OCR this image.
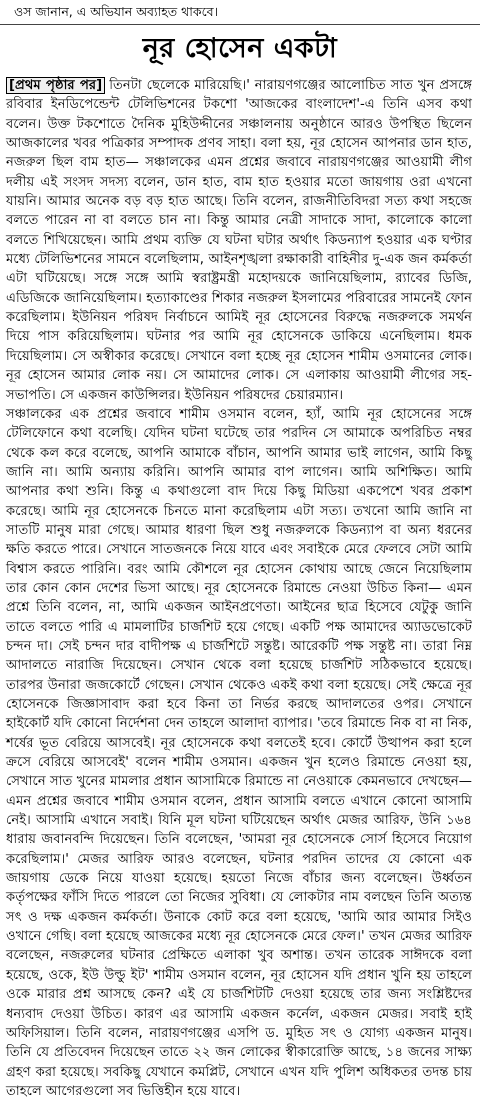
ওস জানান, এ অভিযান অব্যাহত থাকবে।
নূর হোসেন একটা
[প্রথম পৃষ্ঠার পর] তিনটা ছেলেকে মারিয়েছি।' নারায়ণগঞ্জের আলোচিত সাত খুন প্রসঙ্গে রবিবার ইনডিপেন্ডেন্ট টেলিভিশনের টকশো 'আজকের বাংলাদেশ'-এ তিনি এসব কথা বলেন। উক্ত টকশোতে দৈনিক মুহিউদ্দীনের সঞ্চালনায় অনুষ্ঠানে আরও উপস্থিত ছিলেন আজকালের খবর পত্রিকার সম্পাদক প্রণব সাহা। বলা হয়, নূর হোসেন আপনার ডান হাত, নজরুল ছিল বাম হাত— সঞ্চালকের এমন প্রশ্নের জবাবে নারায়ণগঞ্জের আওয়ামী লীগ দলীয় এই সংসদ সদস্য বলেন, ডান হাত, বাম হাত হওয়ার মতো জায়গায় ওরা এখনো যায়নি। আমার অনেক বড় বড় হাত আছে। তিনি বলেন, রাজনীতিবিদরা সত্য কথা সহজে বলতে পারেন না বা বলতে চান না। কিন্তু আমার নেত্রী সাদাকে সাদা, কালোকে কালো বলতে শিখিয়েছেন। আমি প্রথম ব্যক্তি যে ঘটনা ঘটার অর্থাৎ কিডন্যাপ হওয়ার এক ঘণ্টার মধ্যে টেলিভিশনের সামনে বলেছিলাম, আইনশৃঙ্খলা রক্ষাকারী বাহিনীর দু-এক জন কর্মকর্তা এটা ঘটিয়েছে। সঙ্গে সঙ্গে আমি স্বরাষ্ট্রমন্ত্রী মহোদয়কে জানিয়েছিলাম, র‌্যাবের ডিজি, এডিজিকে জানিয়েছিলাম। হত্যাকাণ্ডের শিকার নজরুল ইসলামের পরিবারের সামনেই ফোন করেছিলাম। ইউনিয়ন পরিষদ নির্বাচনে আমিই নূর হোসেনের বিরুদ্ধে নজরুলকে সমর্থন দিয়ে পাস করিয়েছিলাম। ঘটনার পর আমি নূর হোসেনকে ডাকিয়ে এনেছিলাম। ধমক দিয়েছিলাম। সে অস্বীকার করেছে। সেখানে বলা হচ্ছে নূর হোসেন শামীম ওসমানের লোক। নূর হোসেন আমার লোক নয়। সে আমাদের লোক। সে এলাকায় আওয়ামী লীগের সহ-সভাপতি। সে একজন কাউন্সিলর। ইউনিয়ন পরিষদের চেয়ারম্যান।
সঞ্চালকের এক প্রশ্নের জবাবে শামীম ওসমান বলেন, হ্যাঁ, আমি নূর হোসেনের সঙ্গে টেলিফোনে কথা বলেছি। যেদিন ঘটনা ঘটেছে তার পরদিন সে আমাকে অপরিচিত নম্বর থেকে কল করে বলেছে, আপনি আমাকে বাঁচান, আপনি আমার ভাই লাগেন, আমি কিছু জানি না। আমি অন্যায় করিনি। আপনি আমার বাপ লাগেন। আমি অশিক্ষিত। আমি আপনার কথা শুনি। কিন্তু এ কথাগুলো বাদ দিয়ে কিছু মিডিয়া একপেশে খবর প্রকাশ করেছে। আমি নূর হোসেনকে চিনতে মানা করেছিলাম এটা সত্য। তখনো আমি জানি না সাতটি মানুষ মারা গেছে। আমার ধারণা ছিল শুধু নজরুলকে কিডন্যাপ বা অন্য ধরনের ক্ষতি করতে পারে। সেখানে সাতজনকে নিয়ে যাবে এবং সবাইকে মেরে ফেলবে সেটা আমি বিশ্বাস করতে পারিনি। বরং আমি কৌশলে নূর হোসেন কোথায় আছে জেনে নিয়েছিলাম তার কোন কোন দেশের ভিসা আছে। নূর হোসেনকে রিমান্ডে নেওয়া উচিত কিনা— এমন প্রশ্নে তিনি বলেন, না, আমি একজন আইনপ্রণেতা। আইনের ছাত্র হিসেবে যেটুকু জানি তাতে বলতে পারি এ মামলাটির চার্জশিট হয়ে গেছে। একটি পক্ষ আমাদের অ্যাডভোকেট চন্দন দা। সেই চন্দন দার বাদীপক্ষ এ চার্জশিটে সন্তুষ্ট। আরেকটি পক্ষ সন্তুষ্ট না। তারা নিম্ন আদালতে নারাজি দিয়েছেন। সেখান থেকে বলা হয়েছে চার্জশিট সঠিকভাবে হয়েছে। তারপর উনারা জজকোর্টে গেছেন। সেখান থেকেও একই কথা বলা হয়েছে। সেই ক্ষেত্রে নূর হোসেনকে জিজ্ঞাসাবাদ করা হবে কিনা তা নির্ভর করছে আদালতের ওপর। সেখানে হাইকোর্ট যদি কোনো নির্দেশনা দেন তাহলে আলাদা ব্যাপার। 'তবে রিমান্ডে নিক বা না নিক, শর্ষের ভূত বেরিয়ে আসবেই। নূর হোসেনকে কথা বলতেই হবে। কোর্টে উত্থাপন করা হলে ক্রসে বেরিয়ে আসবেই' বলেন শামীম ওসমান। একজন খুন হলেও রিমান্ডে নেওয়া হয়, সেখানে সাত খুনের মামলার প্রধান আসামিকে রিমান্ডে না নেওয়াকে কেমনভাবে দেখছেন— এমন প্রশ্নের জবাবে শামীম ওসমান বলেন, প্রধান আসামি বলতে এখানে কোনো আসামি নেই। আসামি এখানে সবাই। যিনি মূল ঘটনা ঘটিয়েছেন অর্থাৎ মেজর আরিফ, উনি ১৬৪ ধারায় জবানবন্দি দিয়েছেন। তিনি বলেছেন, 'আমরা নূর হোসেনকে সোর্স হিসেবে নিয়োগ করেছিলাম।' মেজর আরিফ আরও বলেছেন, ঘটনার পরদিন তাদের যে কোনো এক জায়গায় ডেকে নিয়ে যাওয়া হয়েছে। হয়তো নিজে বাঁচার জন্য বলেছেন। উর্ধ্বতন কর্তৃপক্ষের ফাঁসি দিতে পারলে তো নিজের সুবিধা। যে লোকটার নাম বলছেন তিনি অত্যন্ত সৎ ও দক্ষ একজন কর্মকর্তা। উনাকে কোট করে বলা হয়েছে, 'আমি আর আমার সিইও ওখানে গেছি। বলা হয়েছে আজকের মধ্যে নূর হোসেনকে মেরে ফেল।' তখন মেজর আরিফ বলেছেন, নজরুলের ঘটনার প্রেক্ষিতে এলাকা খুব অশান্ত। তখন তারেক সাঈদকে বলা হয়েছে, ওকে, ইউ উল্ডু ইট' শামীম ওসমান বলেন, নূর হোসেন যদি প্রধান খুনি হয় তাহলে ওকে মারার প্রশ্ন আসছে কেন? এই যে চার্জশিটটি দেওয়া হয়েছে তার জন্য সংশ্লিষ্টদের ধন্যবাদ দেওয়া উচিত। কারণ এর আসামি একজন কর্নেল, একজন মেজর। সবাই হাই অফিসিয়াল। তিনি বলেন, নারায়ণগঞ্জের এসপি ড. মুহিত সৎ ও যোগ্য একজন মানুষ। তিনি যে প্রতিবেদন দিয়েছেন তাতে ২২ জন লোকের স্বীকারোক্তি আছে, ১৪ জনের সাক্ষ্য গ্রহণ করা হয়েছে। সবকিছু যেখানে কমপ্লিট, সেখানে এখন যদি পুলিশ অধিকতর তদন্ত চায় তাহলে আগেরগুলো সব ভিত্তিহীন হয়ে যাবে।
